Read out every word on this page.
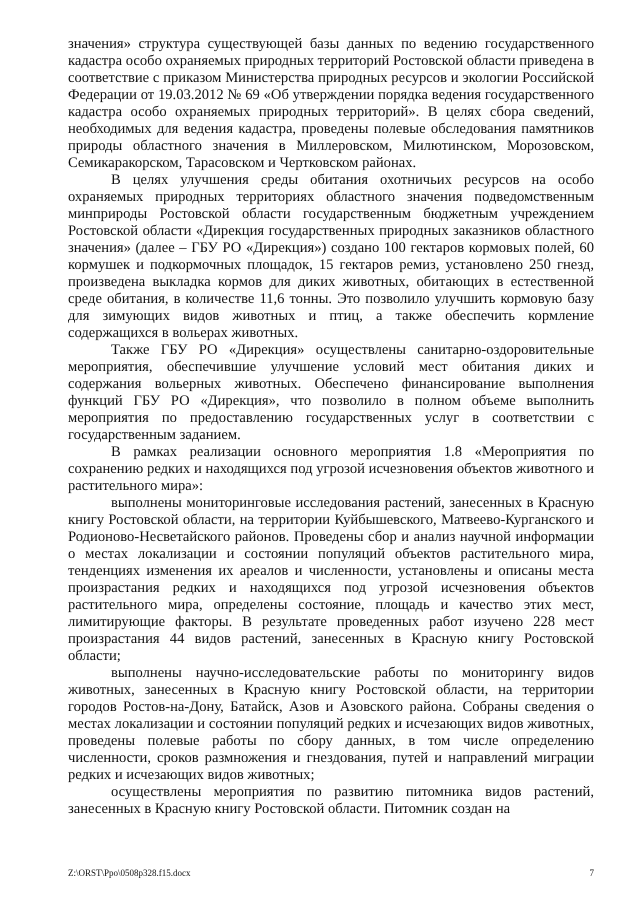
значения» структура существующей базы данных по ведению государственного кадастра особо охраняемых природных территорий Ростовской области приведена в соответствие с приказом Министерства природных ресурсов и экологии Российской Федерации от 19.03.2012 № 69 «Об утверждении порядка ведения государственного кадастра особо охраняемых природных территорий». В целях сбора сведений, необходимых для ведения кадастра, проведены полевые обследования памятников природы областного значения в Миллеровском, Милютинском, Морозовском, Семикаракорском, Тарасовском и Чертковском районах.

В целях улучшения среды обитания охотничьих ресурсов на особо охраняемых природных территориях областного значения подведомственным минприроды Ростовской области государственным бюджетным учреждением Ростовской области «Дирекция государственных природных заказников областного значения» (далее – ГБУ РО «Дирекция») создано 100 гектаров кормовых полей, 60 кормушек и подкормочных площадок, 15 гектаров ремиз, установлено 250 гнезд, произведена выкладка кормов для диких животных, обитающих в естественной среде обитания, в количестве 11,6 тонны. Это позволило улучшить кормовую базу для зимующих видов животных и птиц, а также обеспечить кормление содержащихся в вольерах животных.

Также ГБУ РО «Дирекция» осуществлены санитарно-оздоровительные мероприятия, обеспечившие улучшение условий мест обитания диких и содержания вольерных животных. Обеспечено финансирование выполнения функций ГБУ РО «Дирекция», что позволило в полном объеме выполнить мероприятия по предоставлению государственных услуг в соответствии с государственным заданием.

В рамках реализации основного мероприятия 1.8 «Мероприятия по сохранению редких и находящихся под угрозой исчезновения объектов животного и растительного мира»:

выполнены мониторинговые исследования растений, занесенных в Красную книгу Ростовской области, на территории Куйбышевского, Матвеево-Курганского и Родионово-Несветайского районов. Проведены сбор и анализ научной информации о местах локализации и состоянии популяций объектов растительного мира, тенденциях изменения их ареалов и численности, установлены и описаны места произрастания редких и находящихся под угрозой исчезновения объектов растительного мира, определены состояние, площадь и качество этих мест, лимитирующие факторы. В результате проведенных работ изучено 228 мест произрастания 44 видов растений, занесенных в Красную книгу Ростовской области;

выполнены научно-исследовательские работы по мониторингу видов животных, занесенных в Красную книгу Ростовской области, на территории городов Ростов-на-Дону, Батайск, Азов и Азовского района. Собраны сведения о местах локализации и состоянии популяций редких и исчезающих видов животных, проведены полевые работы по сбору данных, в том числе определению численности, сроков размножения и гнездования, путей и направлений миграции редких и исчезающих видов животных;

осуществлены мероприятия по развитию питомника видов растений, занесенных в Красную книгу Ростовской области. Питомник создан на

Z:\ORST\Ppo\0508p328.f15.docx	7
